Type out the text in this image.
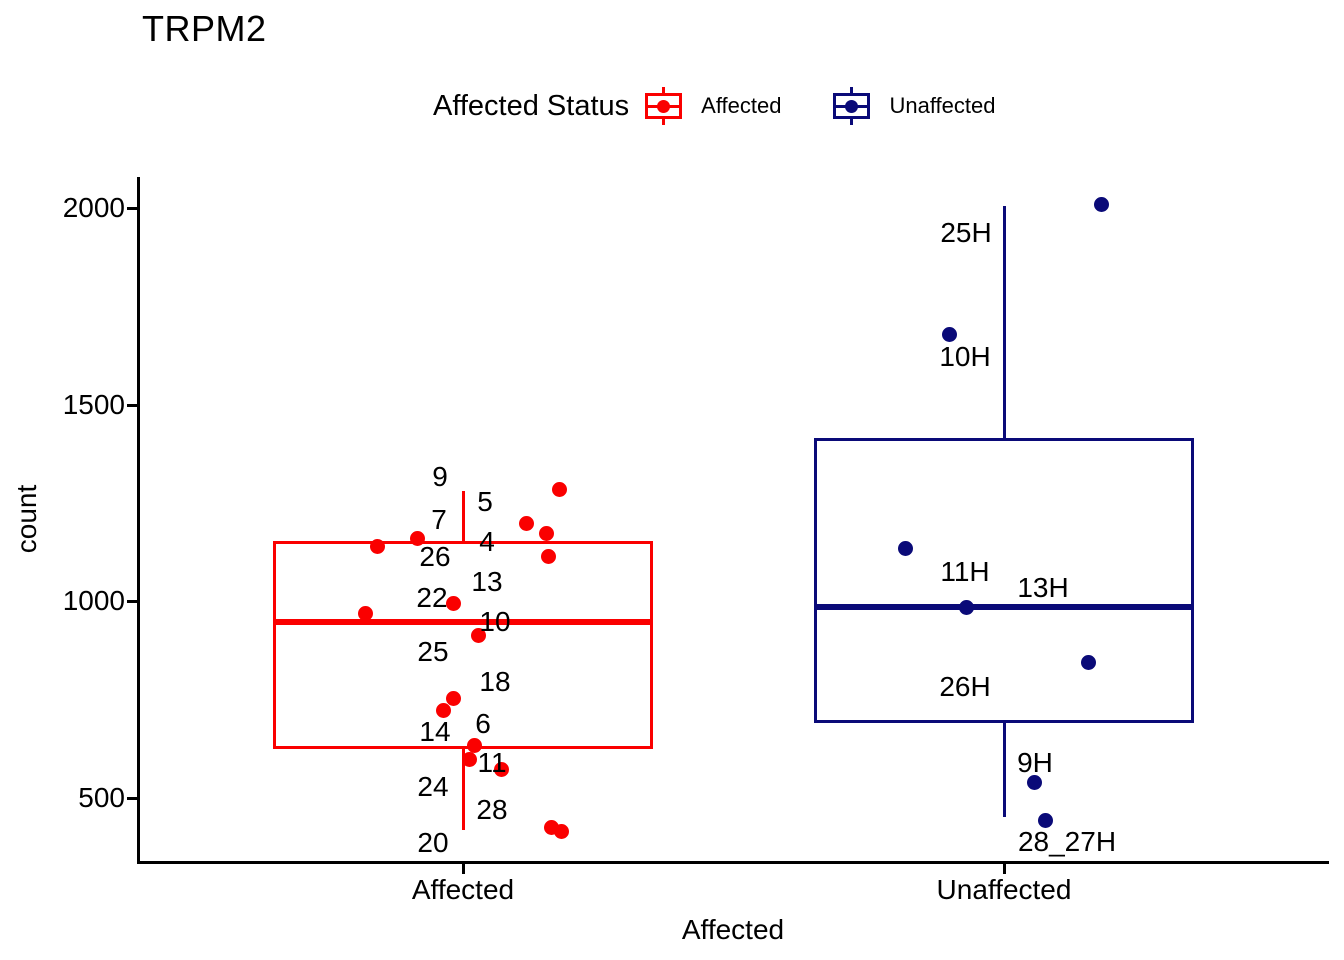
TRPM2
Affected Status	Affected	Unaffected
count
Affected
2000
1500
1000
500
Affected	Unaffected
9
5
7
4
26
13
22
10
25
18
6
14
11
24
28
20
25H
10H
11H
13H
26H
9H
28_27H
